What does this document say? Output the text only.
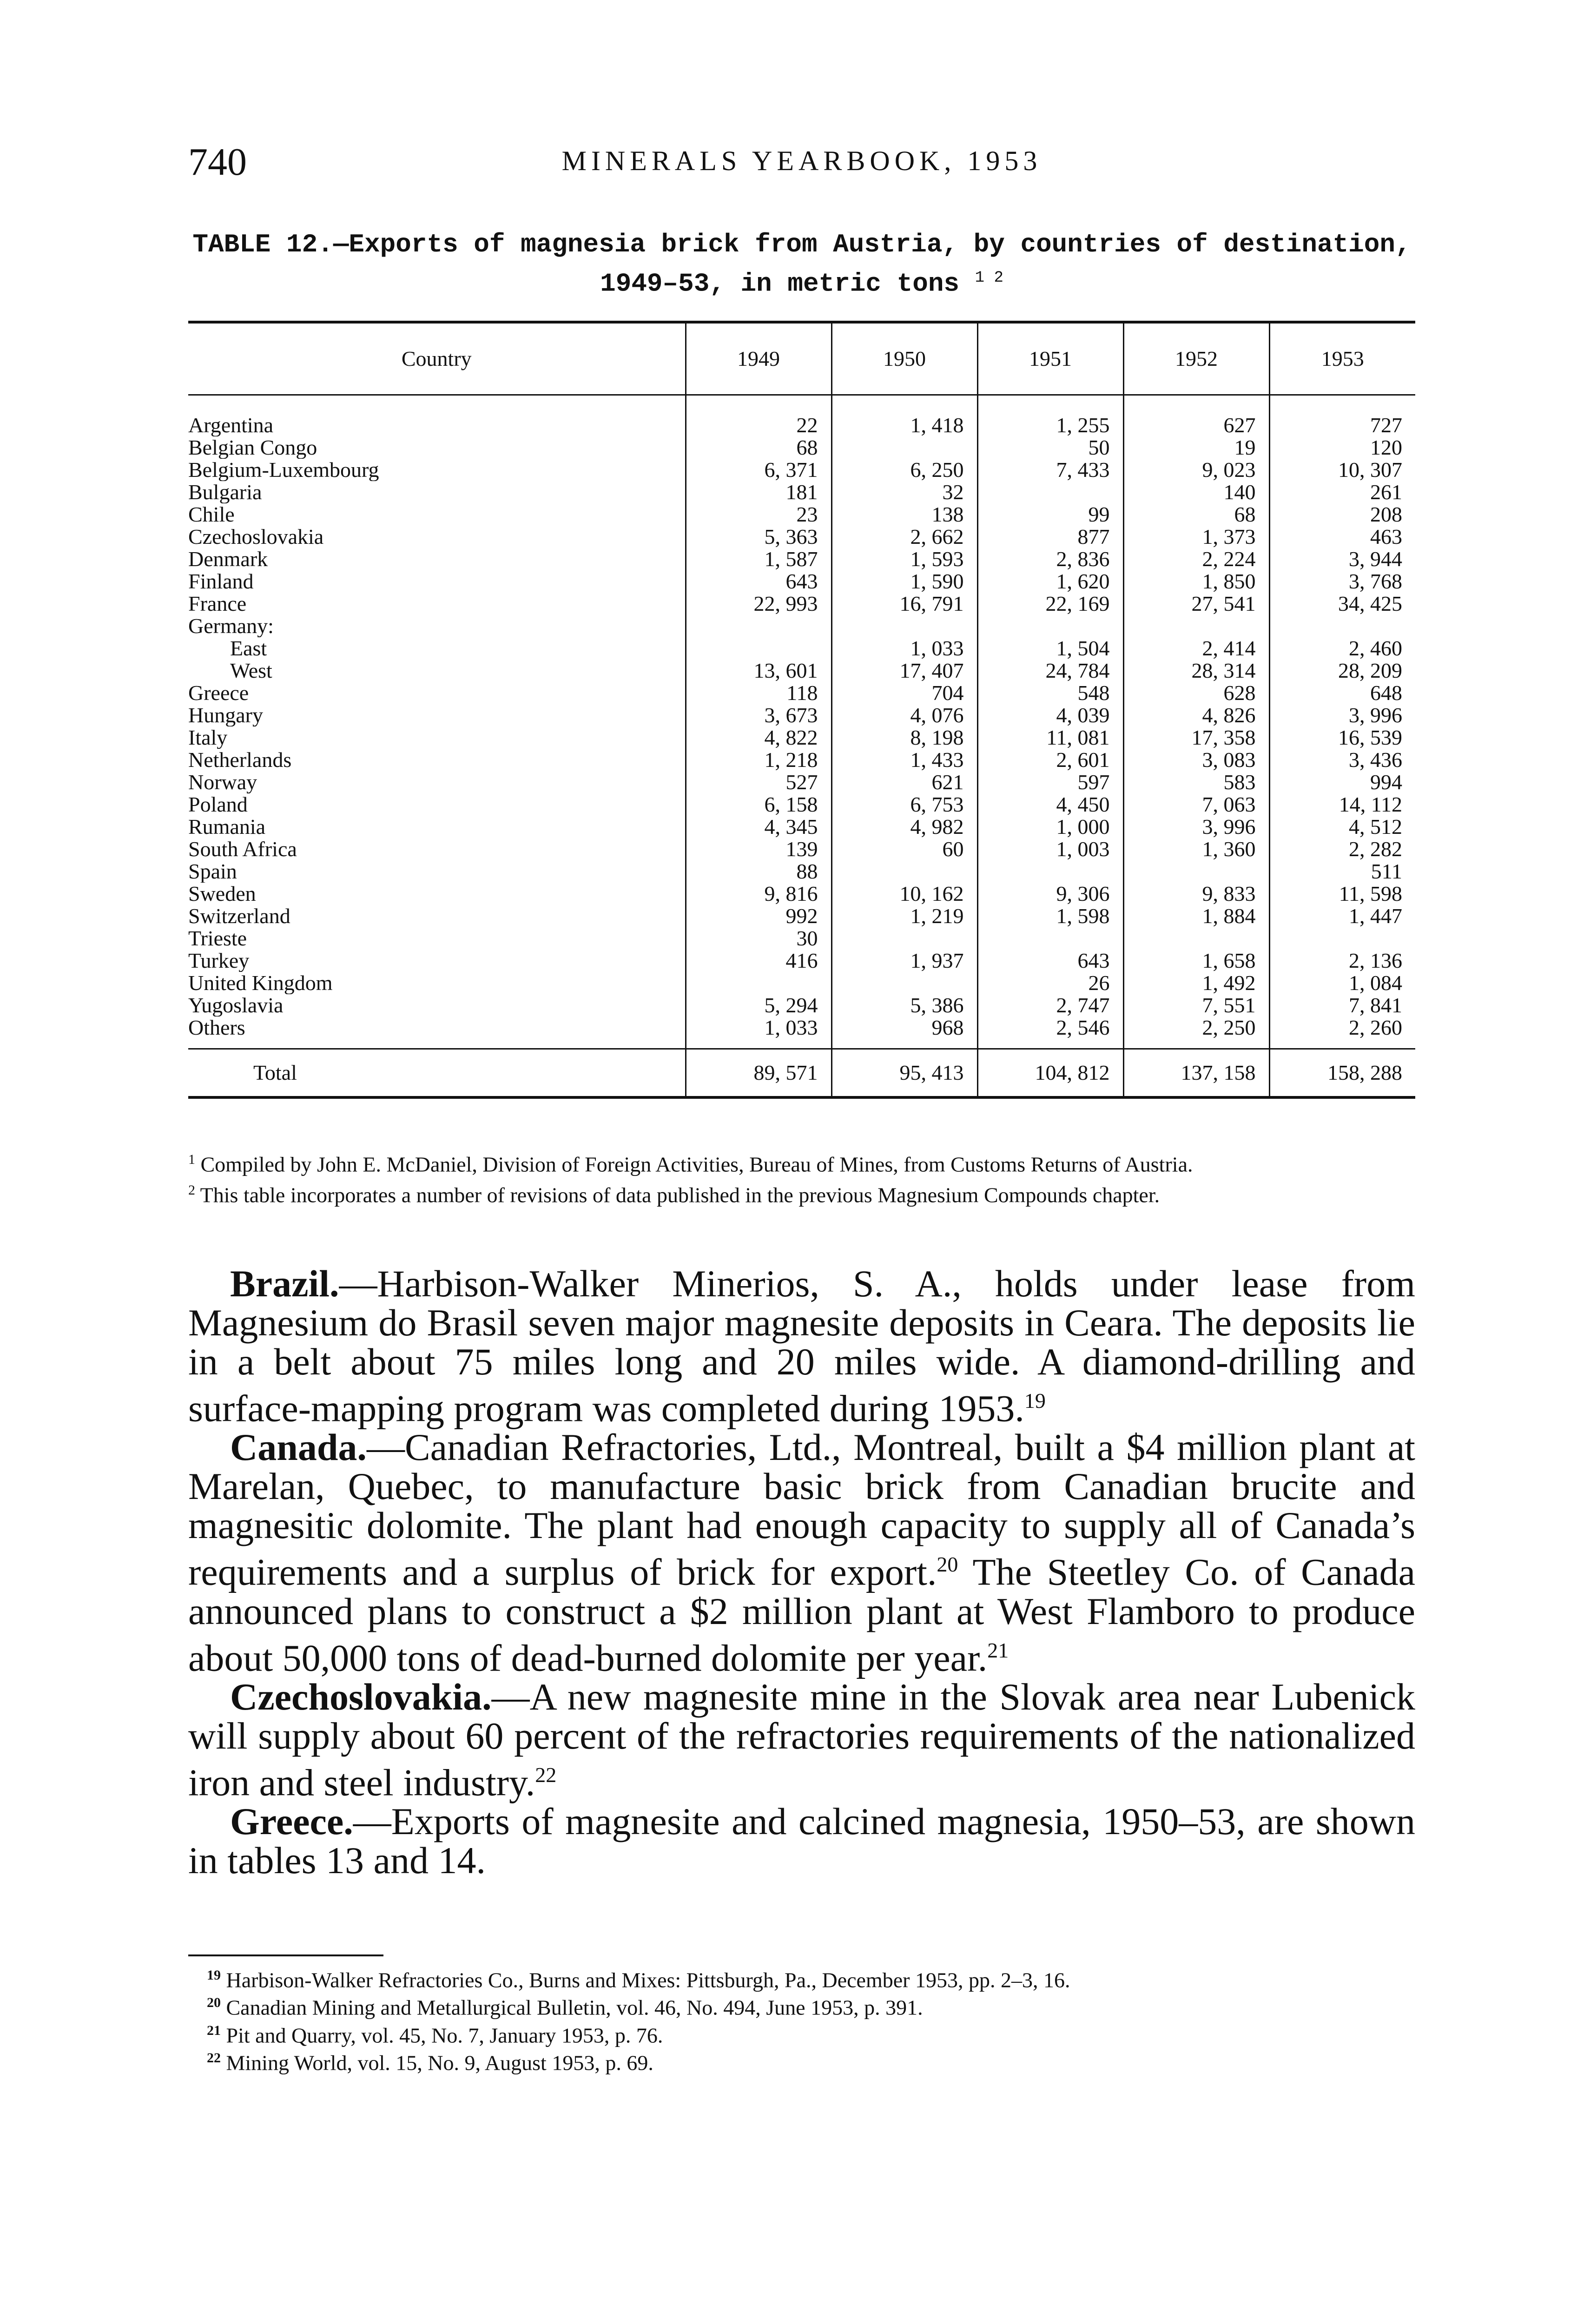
740	MINERALS YEARBOOK, 1953
TABLE 12.—Exports of magnesia brick from Austria, by countries of destination,
1949–53, in metric tons $^{1 2}$
Country	1949	1950	1951	1952	1953
Argentina	22	1, 418	1, 255	627	727
Belgian Congo	68		50	19	120
Belgium-Luxembourg	6, 371	6, 250	7, 433	9, 023	10, 307
Bulgaria	181	32		140	261
Chile	23	138	99	68	208
Czechoslovakia	5, 363	2, 662	877	1, 373	463
Denmark	1, 587	1, 593	2, 836	2, 224	3, 944
Finland	643	1, 590	1, 620	1, 850	3, 768
France	22, 993	16, 791	22, 169	27, 541	34, 425
Germany:					
East		1, 033	1, 504	2, 414	2, 460
West	13, 601	17, 407	24, 784	28, 314	28, 209
Greece	118	704	548	628	648
Hungary	3, 673	4, 076	4, 039	4, 826	3, 996
Italy	4, 822	8, 198	11, 081	17, 358	16, 539
Netherlands	1, 218	1, 433	2, 601	3, 083	3, 436
Norway	527	621	597	583	994
Poland	6, 158	6, 753	4, 450	7, 063	14, 112
Rumania	4, 345	4, 982	1, 000	3, 996	4, 512
South Africa	139	60	1, 003	1, 360	2, 282
Spain	88				511
Sweden	9, 816	10, 162	9, 306	9, 833	11, 598
Switzerland	992	1, 219	1, 598	1, 884	1, 447
Trieste	30				
Turkey	416	1, 937	643	1, 658	2, 136
United Kingdom			26	1, 492	1, 084
Yugoslavia	5, 294	5, 386	2, 747	7, 551	7, 841
Others	1, 033	968	2, 546	2, 250	2, 260

Total	89, 571	95, 413	104, 812	137, 158	158, 288

$^1$ Compiled by John E. McDaniel, Division of Foreign Activities, Bureau of Mines, from Customs Returns of Austria.

$^2$ This table incorporates a number of revisions of data published in the previous Magnesium Compounds chapter.

Brazil.—Harbison-Walker Minerios, S. A., holds under lease from Magnesium do Brasil seven major magnesite deposits in Ceara. The deposits lie in a belt about 75 miles long and 20 miles wide. A diamond-drilling and surface-mapping program was completed during 1953.19

Canada.—Canadian Refractories, Ltd., Montreal, built a $4 million plant at Marelan, Quebec, to manufacture basic brick from Canadian brucite and magnesitic dolomite. The plant had enough capacity to supply all of Canada’s requirements and a surplus of brick for export.$^{20}$ The Steetley Co. of Canada announced plans to construct a $2 million plant at West Flamboro to produce about 50,000 tons of dead-burned dolomite per year.$^{21}$

Czechoslovakia.—A new magnesite mine in the Slovak area near Lubenick will supply about 60 percent of the refractories requirements of the nationalized iron and steel industry.$^{22}$

Greece.—Exports of magnesite and calcined magnesia, 1950–53, are shown in tables 13 and 14.

$^{19}$ Harbison-Walker Refractories Co., Burns and Mixes: Pittsburgh, Pa., December 1953, pp. 2–3, 16.

$^{20}$ Canadian Mining and Metallurgical Bulletin, vol. 46, No. 494, June 1953, p. 391.

$^{21}$ Pit and Quarry, vol. 45, No. 7, January 1953, p. 76.

$^{22}$ Mining World, vol. 15, No. 9, August 1953, p. 69.
